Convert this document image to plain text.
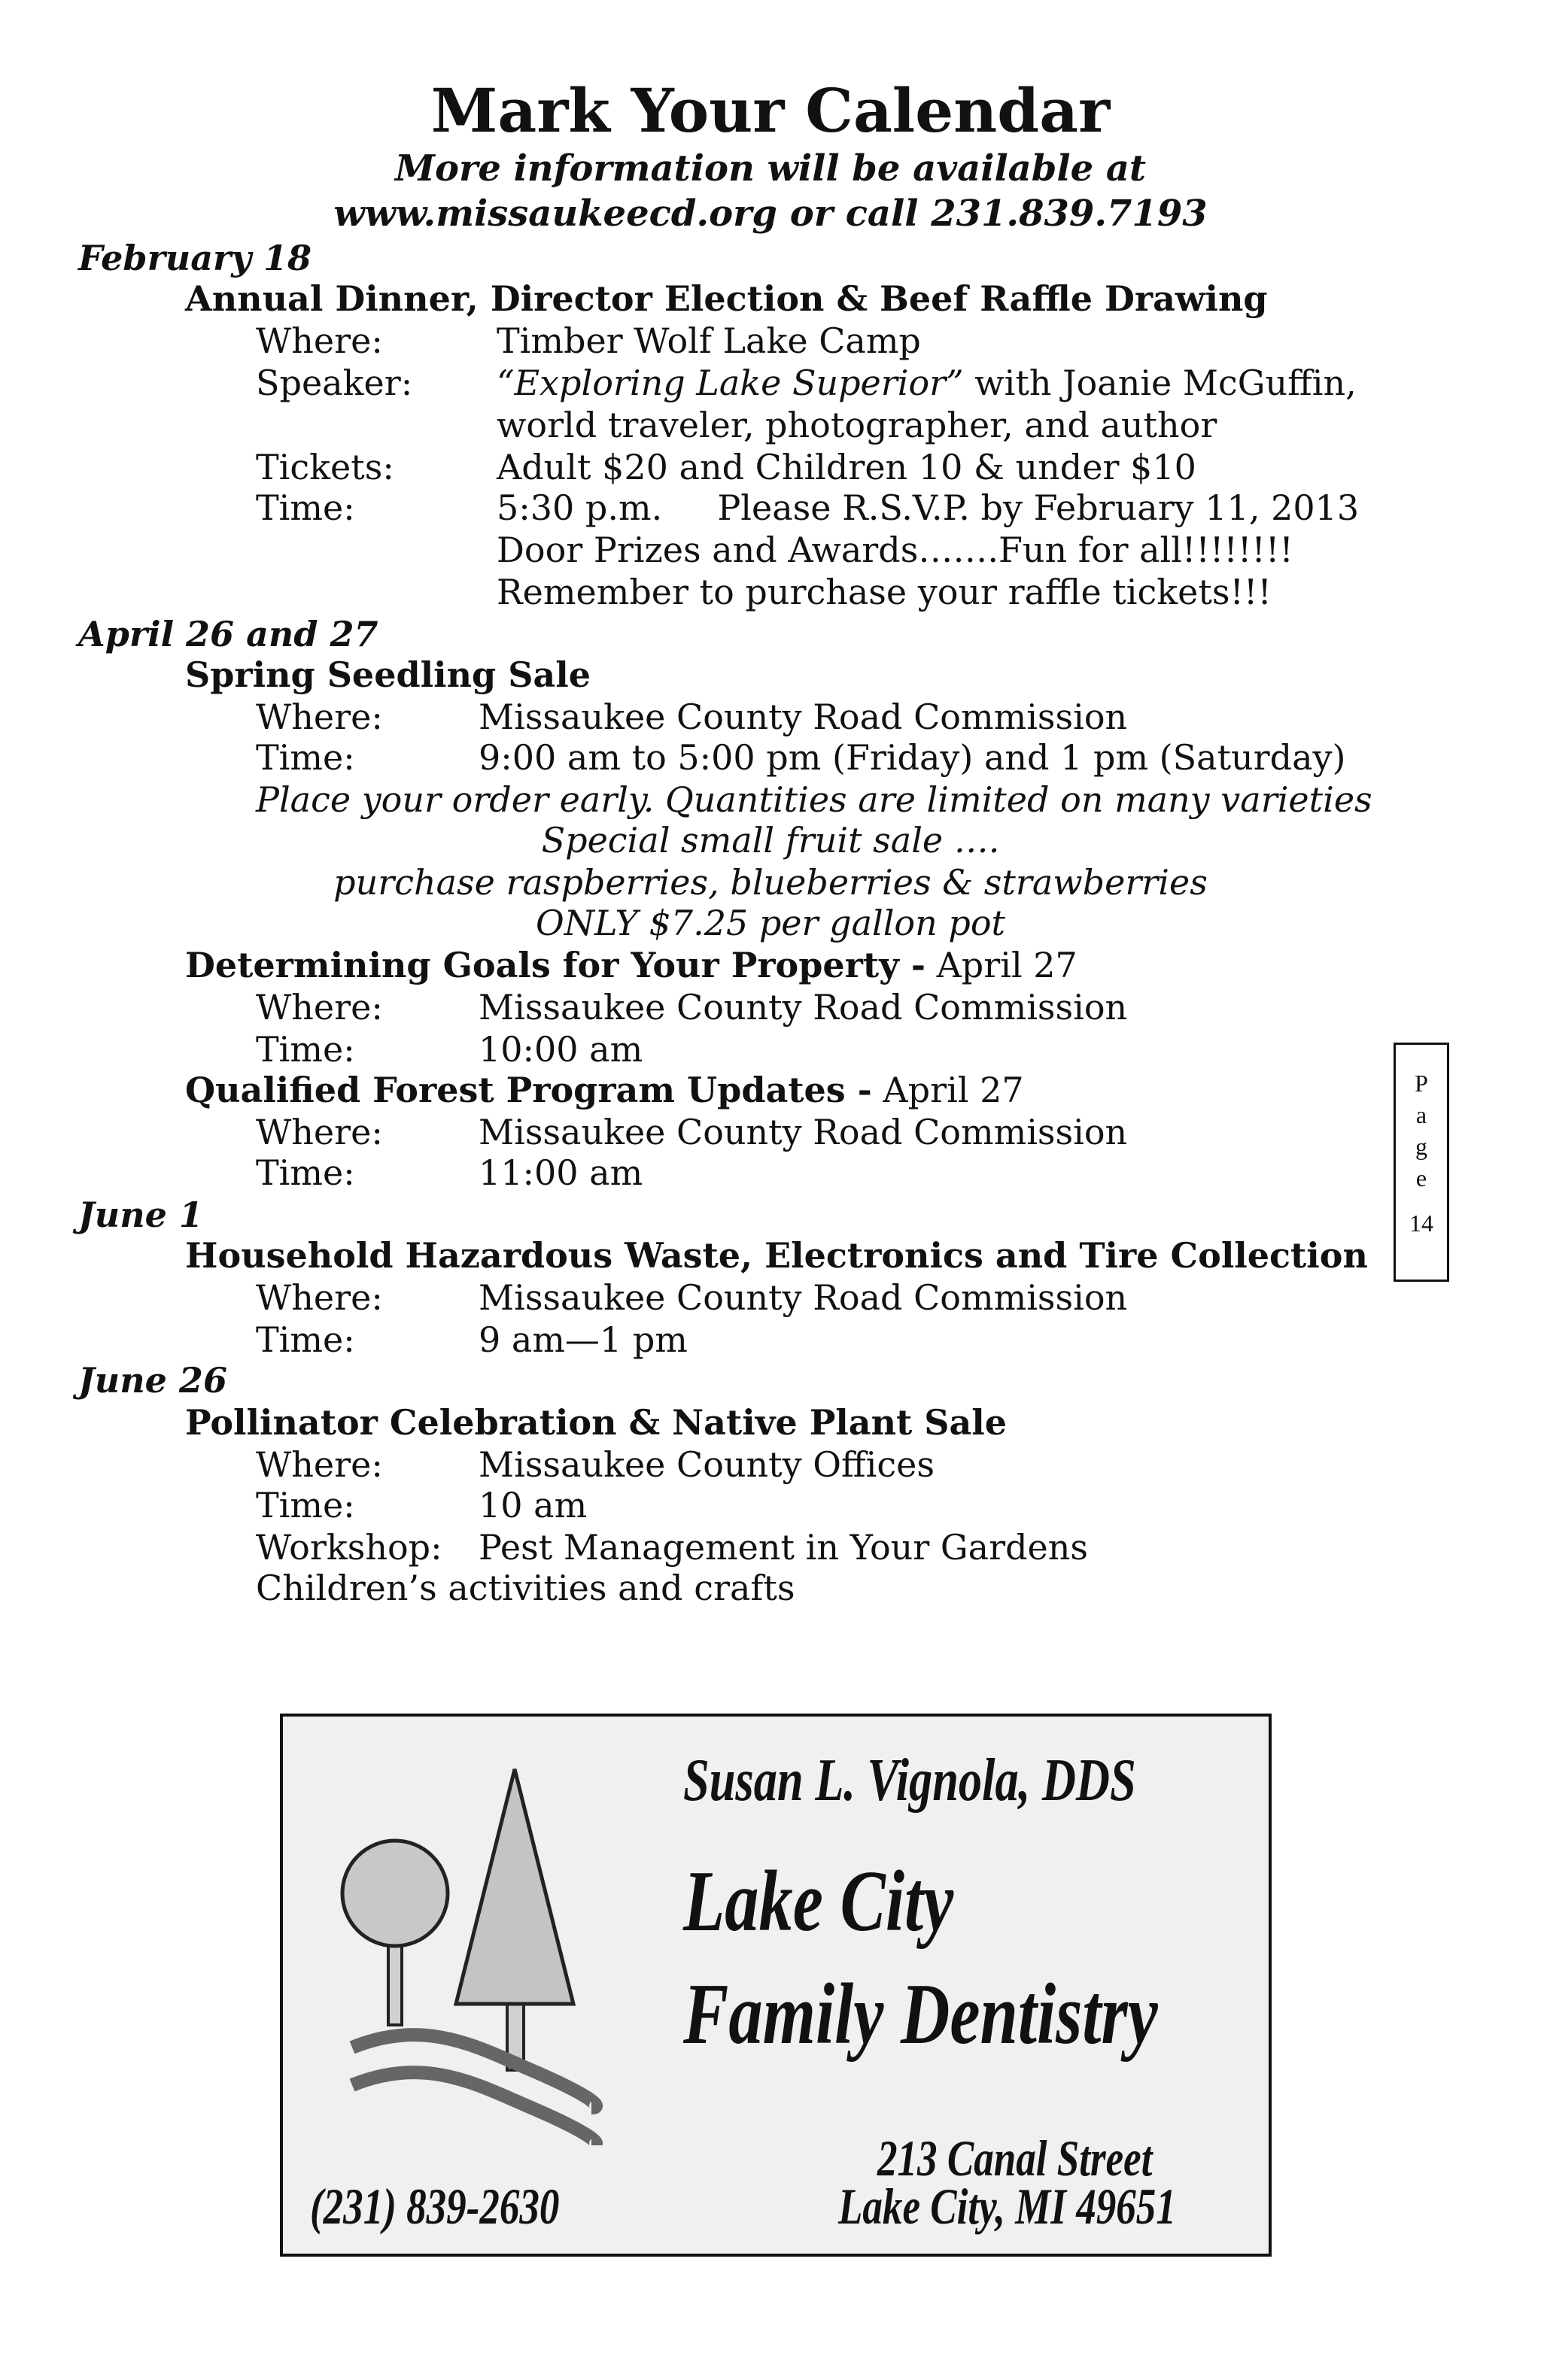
Mark Your Calendar
More information will be available at
www.missaukeecd.org or call 231.839.7193
February 18
Annual Dinner, Director Election & Beef Raffle Drawing
Where:	Timber Wolf Lake Camp
Speaker: “Exploring Lake Superior” with Joanie McGuffin,
world traveler, photographer, and author
Tickets:	Adult $20 and Children 10 & under $10
Time:	5:30 p.m.     Please R.S.V.P. by February 11, 2013
Door Prizes and Awards…….Fun for all!!!!!!!!
Remember to purchase your raffle tickets!!!
April 26 and 27
Spring Seedling Sale
Where:	Missaukee County Road Commission
Time:	9:00 am to 5:00 pm (Friday) and 1 pm (Saturday)
Place your order early. Quantities are limited on many varieties
Special small fruit sale ….
purchase raspberries, blueberries & strawberries
ONLY $7.25 per gallon pot
Determining Goals for Your Property - April 27
Where:	Missaukee County Road Commission
Time:	10:00 am
Qualified Forest Program Updates - April 27
Where:	Missaukee County Road Commission
Time:	11:00 am
June 1
Household Hazardous Waste, Electronics and Tire Collection
Where:	Missaukee County Road Commission
Time:	9 am—1 pm
June 26
Pollinator Celebration & Native Plant Sale
Where:	Missaukee County Offices
Time:	10 am
Workshop: Pest Management in Your Gardens
Children’s activities and crafts
P
a
g
e
14
Susan L. Vignola, DDS
Lake City
Family Dentistry
(231) 839-2630
213 Canal Street
Lake City, MI 49651
